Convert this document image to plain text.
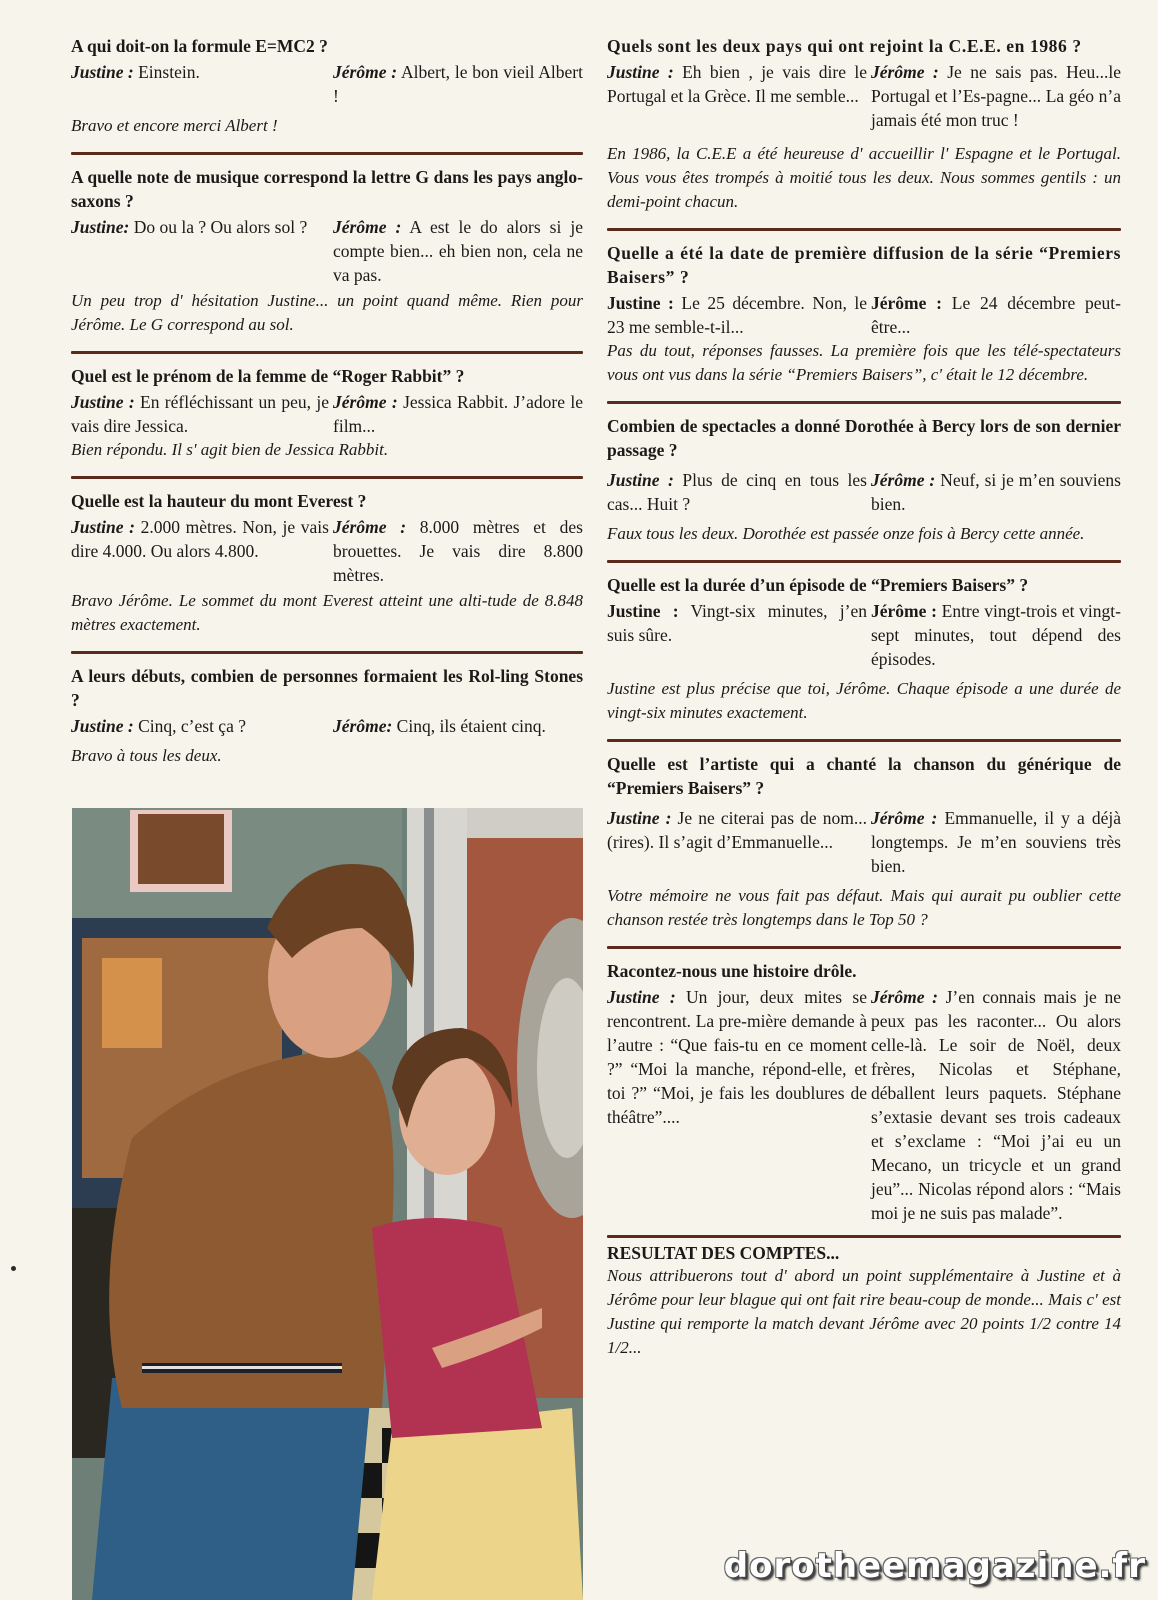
A qui doit-on la formule E=MC2 ?

Justine : Einstein.	Jérôme : Albert, le bon vieil Albert !
Bravo et encore merci Albert !

A quelle note de musique correspond la lettre G dans les pays anglo-saxons ?

Justine: Do ou la ? Ou alors sol ?	Jérôme : A est le do alors si je compte bien... eh bien non, cela ne va pas.
Un peu trop d' hésitation Justine... un point quand même. Rien pour Jérôme. Le G correspond au sol.

Quel est le prénom de la femme de “Roger Rabbit” ?

Justine : En réfléchissant un peu, je vais dire Jessica.
Jérôme : Jessica Rabbit. J’adore le film...
Bien répondu. Il s' agit bien de Jessica Rabbit.

Quelle est la hauteur du mont Everest ?

Justine : 2.000 mètres. Non, je vais dire 4.000. Ou alors 4.800.
Jérôme : 8.000 mètres et des brouettes. Je vais dire 8.800 mètres.
Bravo Jérôme. Le sommet du mont Everest atteint une alti-tude de 8.848 mètres exactement.

A leurs débuts, combien de personnes formaient les Rol-ling Stones ?

Justine : Cinq, c’est ça ?	Jérôme: Cinq, ils étaient cinq.
Bravo à tous les deux.

Quels sont les deux pays qui ont rejoint la C.E.E. en 1986 ?

Justine : Eh bien , je vais dire le Portugal et la Grèce. Il me semble...
Jérôme : Je ne sais pas. Heu...le Portugal et l’Es-pagne... La géo n’a jamais été mon truc !
En 1986, la C.E.E a été heureuse d' accueillir l' Espagne et le Portugal. Vous vous êtes trompés à moitié tous les deux. Nous sommes gentils : un demi-point chacun.

Quelle a été la date de première diffusion de la série “Premiers Baisers” ?

Justine : Le 25 décembre. Non, le 23 me semble-t-il...
Jérôme : Le 24 décembre peut-être...
Pas du tout, réponses fausses. La première fois que les télé-spectateurs vous ont vus dans la série “Premiers Baisers”, c' était le 12 décembre.

Combien de spectacles a donné Dorothée à Bercy lors de son dernier passage ?

Justine : Plus de cinq en tous les cas... Huit ?
Jérôme : Neuf, si je m’en souviens bien.
Faux tous les deux. Dorothée est passée onze fois à Bercy cette année.

Quelle est la durée d’un épisode de “Premiers Baisers” ?

Justine : Vingt-six minutes, j’en suis sûre.
Jérôme : Entre vingt-trois et vingt-sept minutes, tout dépend des épisodes.
Justine est plus précise que toi, Jérôme. Chaque épisode a une durée de vingt-six minutes exactement.

Quelle est l’artiste qui a chanté la chanson du générique de “Premiers Baisers” ?

Justine : Je ne citerai pas de nom... (rires). Il s’agit d’Emmanuelle...
Jérôme : Emmanuelle, il y a déjà longtemps. Je m’en souviens très bien.
Votre mémoire ne vous fait pas défaut. Mais qui aurait pu oublier cette chanson restée très longtemps dans le Top 50 ?

Racontez-nous une histoire drôle.

Justine : Un jour, deux mites se rencontrent. La pre-mière demande à l’autre : “Que fais-tu en ce moment ?” “Moi la manche, répond-elle, et toi ?” “Moi, je fais les doublures de théâtre”....
Jérôme : J’en connais mais je ne peux pas les raconter... Ou alors celle-là. Le soir de Noël, deux frères, Nicolas et Stéphane, déballent leurs paquets. Stéphane s’extasie devant ses trois cadeaux et s’exclame : “Moi j’ai eu un Mecano, un tricycle et un grand jeu”... Nicolas répond alors : “Mais moi je ne suis pas malade”.
RESULTAT DES COMPTES...
Nous attribuerons tout d' abord un point supplémentaire à Justine et à Jérôme pour leur blague qui ont fait rire beau-coup de monde... Mais c' est Justine qui remporte la match devant Jérôme avec 20 points 1/2 contre 14 1/2...
dorotheemagazine.fr
